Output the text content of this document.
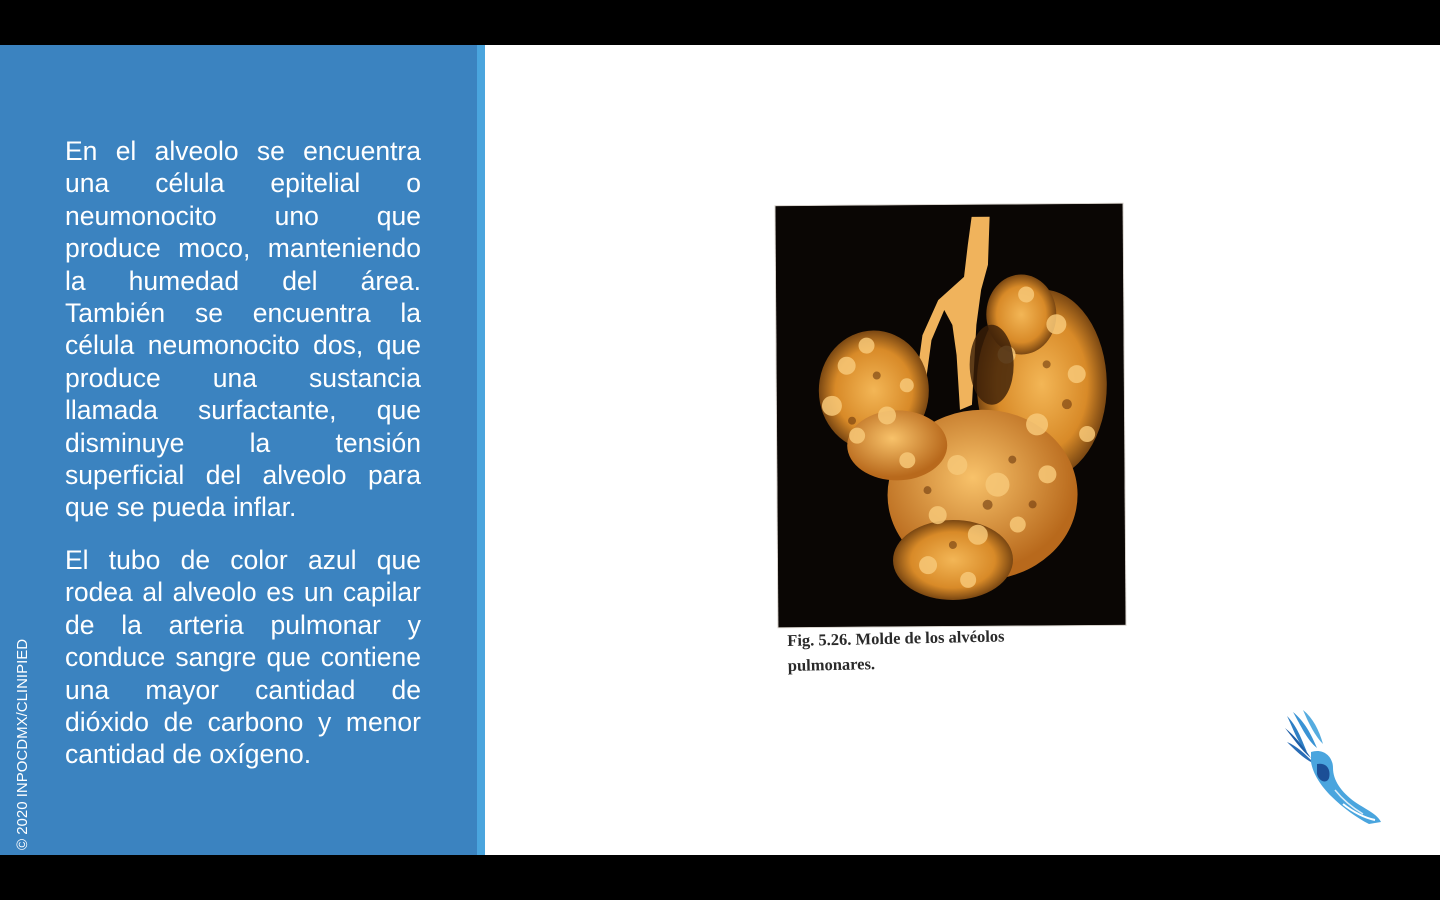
En el alveolo se encuentra una célula epitelial o neumonocito uno que produce moco, manteniendo la humedad del área. También se encuentra la célula neumonocito dos, que produce una sustancia llamada surfactante, que disminuye la tensión superficial del alveolo para que se pueda inflar.

El tubo de color azul que rodea al alveolo es un capilar de la arteria pulmonar y conduce sangre que contiene una mayor cantidad de dióxido de carbono y menor cantidad de oxígeno.

© 2020 INPOCDMX/CLINIPIED
Fig. 5.26. Molde de los alvéolos
pulmonares.
